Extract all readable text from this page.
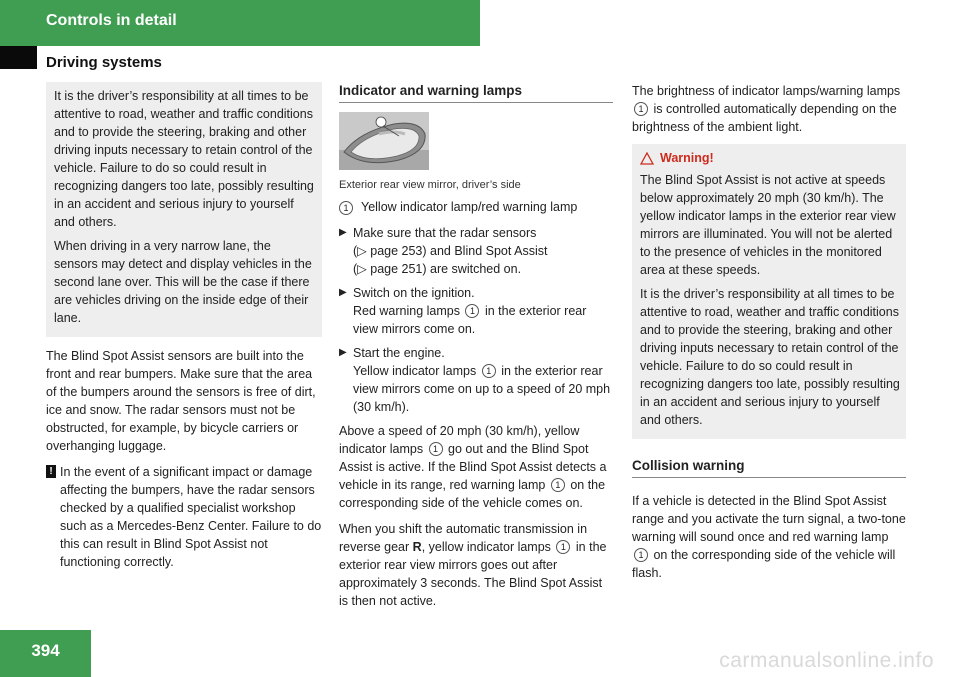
Controls in detail
Driving systems

It is the driver’s responsibility at all times to be attentive to road, weather and traffic conditions and to provide the steering, braking and other driving inputs necessary to retain control of the vehicle. Failure to do so could result in recognizing dangers too late, possibly resulting in an accident and serious injury to yourself and others.

When driving in a very narrow lane, the sensors may detect and display vehicles in the second lane over. This will be the case if there are vehicles driving on the inside edge of their lane.

The Blind Spot Assist sensors are built into the front and rear bumpers. Make sure that the area of the bumpers around the sensors is free of dirt, ice and snow. The radar sensors must not be obstructed, for example, by bicycle carriers or overhanging luggage.

! In the event of a significant impact or damage affecting the bumpers, have the radar sensors checked by a qualified specialist workshop such as a Mercedes-Benz Center. Failure to do this can result in Blind Spot Assist not functioning correctly.
Indicator and warning lamps

Exterior rear view mirror, driver’s side

1	Yellow indicator lamp/red warning lamp
▶ Make sure that the radar sensors
(▷ page 253) and Blind Spot Assist
(▷ page 251) are switched on.
▶ Switch on the ignition.
Red warning lamps 1 in the exterior rear view mirrors come on.
▶ Start the engine.
Yellow indicator lamps 1 in the exterior rear view mirrors come on up to a speed of 20 mph (30 km/h).

Above a speed of 20 mph (30 km/h), yellow indicator lamps 1 go out and the Blind Spot Assist is active. If the Blind Spot Assist detects a vehicle in its range, red warning lamp 1 on the corresponding side of the vehicle comes on.

When you shift the automatic transmission in reverse gear R, yellow indicator lamps 1 in the exterior rear view mirrors goes out after approximately 3 seconds. The Blind Spot Assist is then not active.

The brightness of indicator lamps/warning lamps 1 is controlled automatically depending on the brightness of the ambient light.

Warning!

The Blind Spot Assist is not active at speeds below approximately 20 mph (30 km/h). The yellow indicator lamps in the exterior rear view mirrors are illuminated. You will not be alerted to the presence of vehicles in the monitored area at these speeds.

It is the driver’s responsibility at all times to be attentive to road, weather and traffic conditions and to provide the steering, braking and other driving inputs necessary to retain control of the vehicle. Failure to do so could result in recognizing dangers too late, possibly resulting in an accident and serious injury to yourself and others.

Collision warning

If a vehicle is detected in the Blind Spot Assist range and you activate the turn signal, a two-tone warning will sound once and red warning lamp 1 on the corresponding side of the vehicle will flash.

394	carmanualsonline.info
